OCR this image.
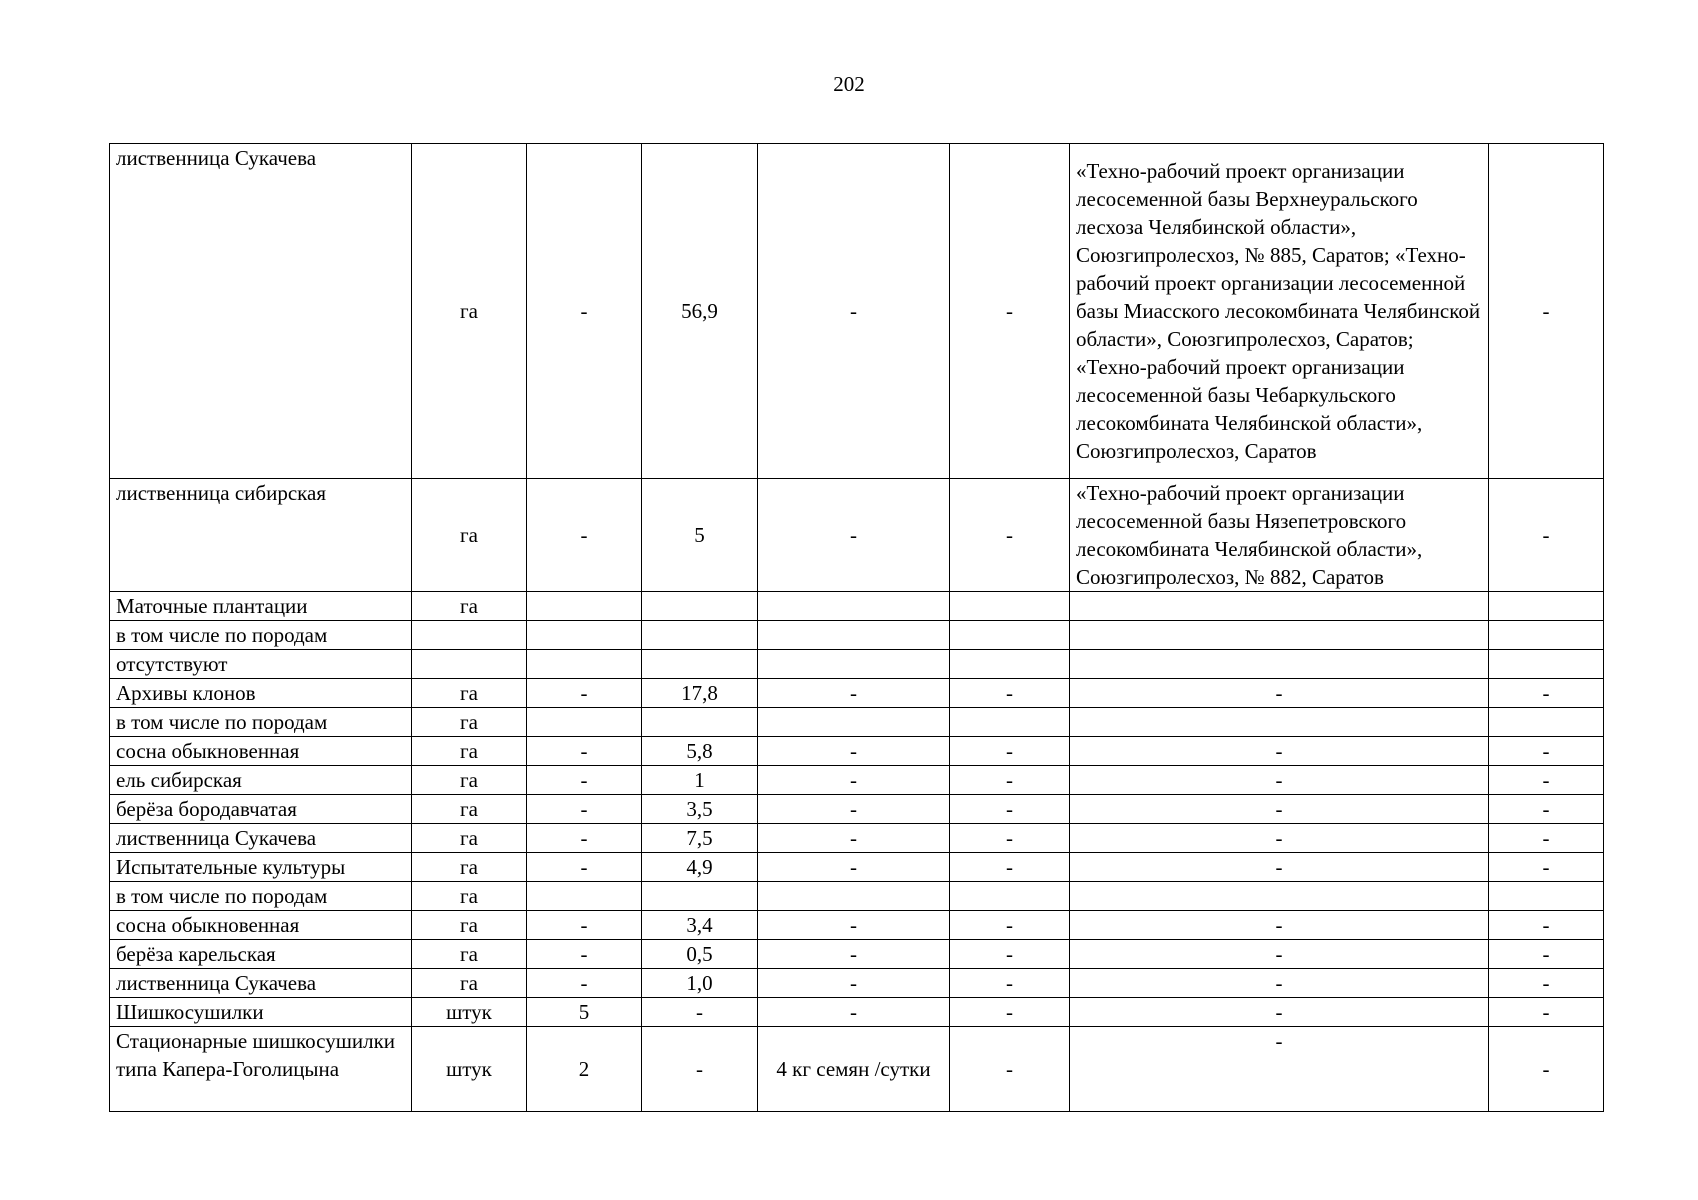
202
лиственница Сукачева	га	-	56,9	-	-	«Техно-рабочий проект организации лесосеменной базы Верхнеуральского лесхоза Челябинской области», Союзгипролесхоз, № 885, Саратов; «Техно-рабочий проект организации лесосеменной базы Миасского лесокомбината Челябинской области», Союзгипролесхоз, Саратов; «Техно-рабочий проект организации лесосеменной базы Чебаркульского лесокомбината Челябинской области», Союзгипролесхоз, Саратов	-
лиственница сибирская	га	-	5	-	-	«Техно-рабочий проект организации лесосеменной базы Нязепетровского лесокомбината Челябинской области», Союзгипролесхоз, № 882, Саратов	-
Маточные плантации	га						
в том числе по породам							
отсутствуют							
Архивы клонов	га	-	17,8	-	-	-	-
в том числе по породам	га						
сосна обыкновенная	га	-	5,8	-	-	-	-
ель сибирская	га	-	1	-	-	-	-
берёза бородавчатая	га	-	3,5	-	-	-	-
лиственница Сукачева	га	-	7,5	-	-	-	-
Испытательные культуры	га	-	4,9	-	-	-	-
в том числе по породам	га						
сосна обыкновенная	га	-	3,4	-	-	-	-
берёза карельская	га	-	0,5	-	-	-	-
лиственница Сукачева	га	-	1,0	-	-	-	-
Шишкосушилки	штук	5	-	-	-	-	-
Стационарные шишкосушилки типа Капера-Гоголицына	штук	2	-	4 кг семян /сутки	-	-	-
